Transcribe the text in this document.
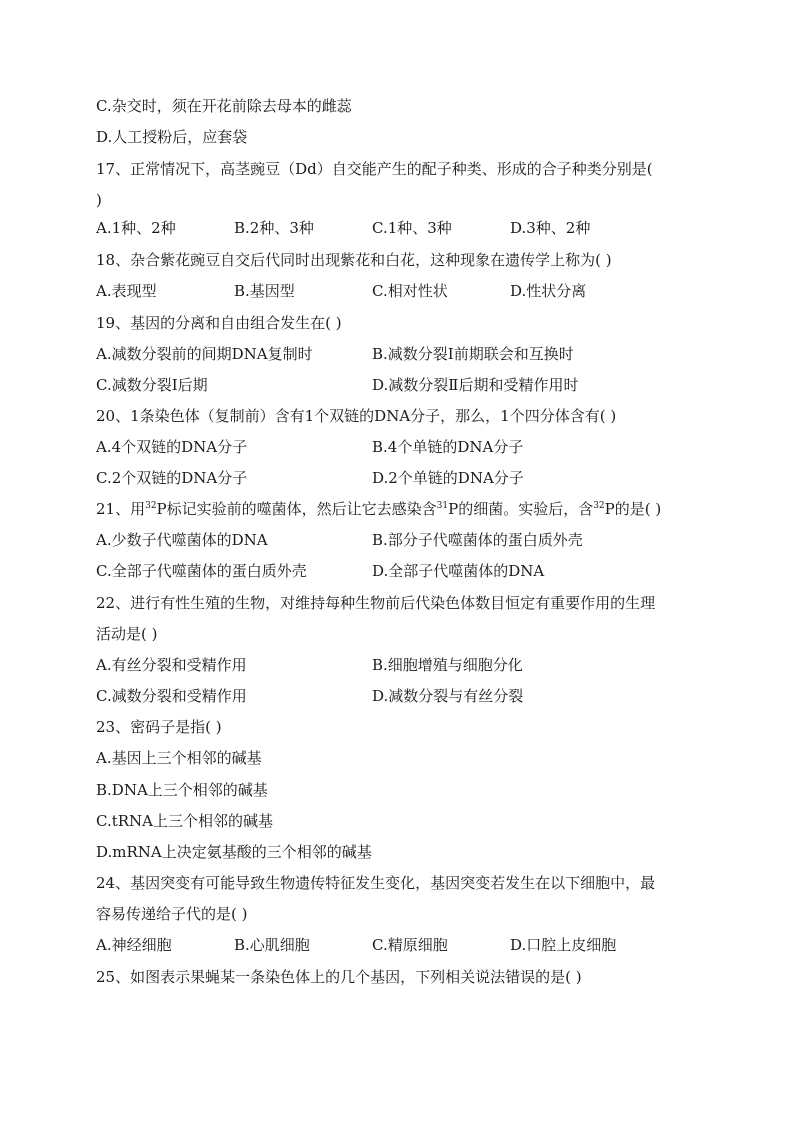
C.杂交时，须在开花前除去母本的雌蕊
D.人工授粉后，应套袋
17、正常情况下，高茎豌豆（Dd）自交能产生的配子种类、形成的合子种类分别是(
)
A.1种、2种	B.2种、3种	C.1种、3种	D.3种、2种
18、杂合紫花豌豆自交后代同时出现紫花和白花，这种现象在遗传学上称为( )
A.表现型	B.基因型	C.相对性状	D.性状分离
19、基因的分离和自由组合发生在( )
A.减数分裂前的间期DNA复制时	B.减数分裂Ⅰ前期联会和互换时
C.减数分裂Ⅰ后期	D.减数分裂Ⅱ后期和受精作用时
20、1条染色体（复制前）含有1个双链的DNA分子，那么，1个四分体含有( )
A.4个双链的DNA分子	B.4个单链的DNA分子
C.2个双链的DNA分子	D.2个单链的DNA分子
21、用$^{32}$P标记实验前的噬菌体，然后让它去感染含$^{31}$P的细菌。实验后，含$^{32}$P的是( )
A.少数子代噬菌体的DNA	B.部分子代噬菌体的蛋白质外壳
C.全部子代噬菌体的蛋白质外壳	D.全部子代噬菌体的DNA
22、进行有性生殖的生物，对维持每种生物前后代染色体数目恒定有重要作用的生理
活动是( )
A.有丝分裂和受精作用	B.细胞增殖与细胞分化
C.减数分裂和受精作用	D.减数分裂与有丝分裂
23、密码子是指( )
A.基因上三个相邻的碱基
B.DNA上三个相邻的碱基
C.tRNA上三个相邻的碱基
D.mRNA上决定氨基酸的三个相邻的碱基
24、基因突变有可能导致生物遗传特征发生变化，基因突变若发生在以下细胞中，最
容易传递给子代的是( )
A.神经细胞	B.心肌细胞	C.精原细胞	D.口腔上皮细胞
25、如图表示果蝇某一条染色体上的几个基因，下列相关说法错误的是( )
